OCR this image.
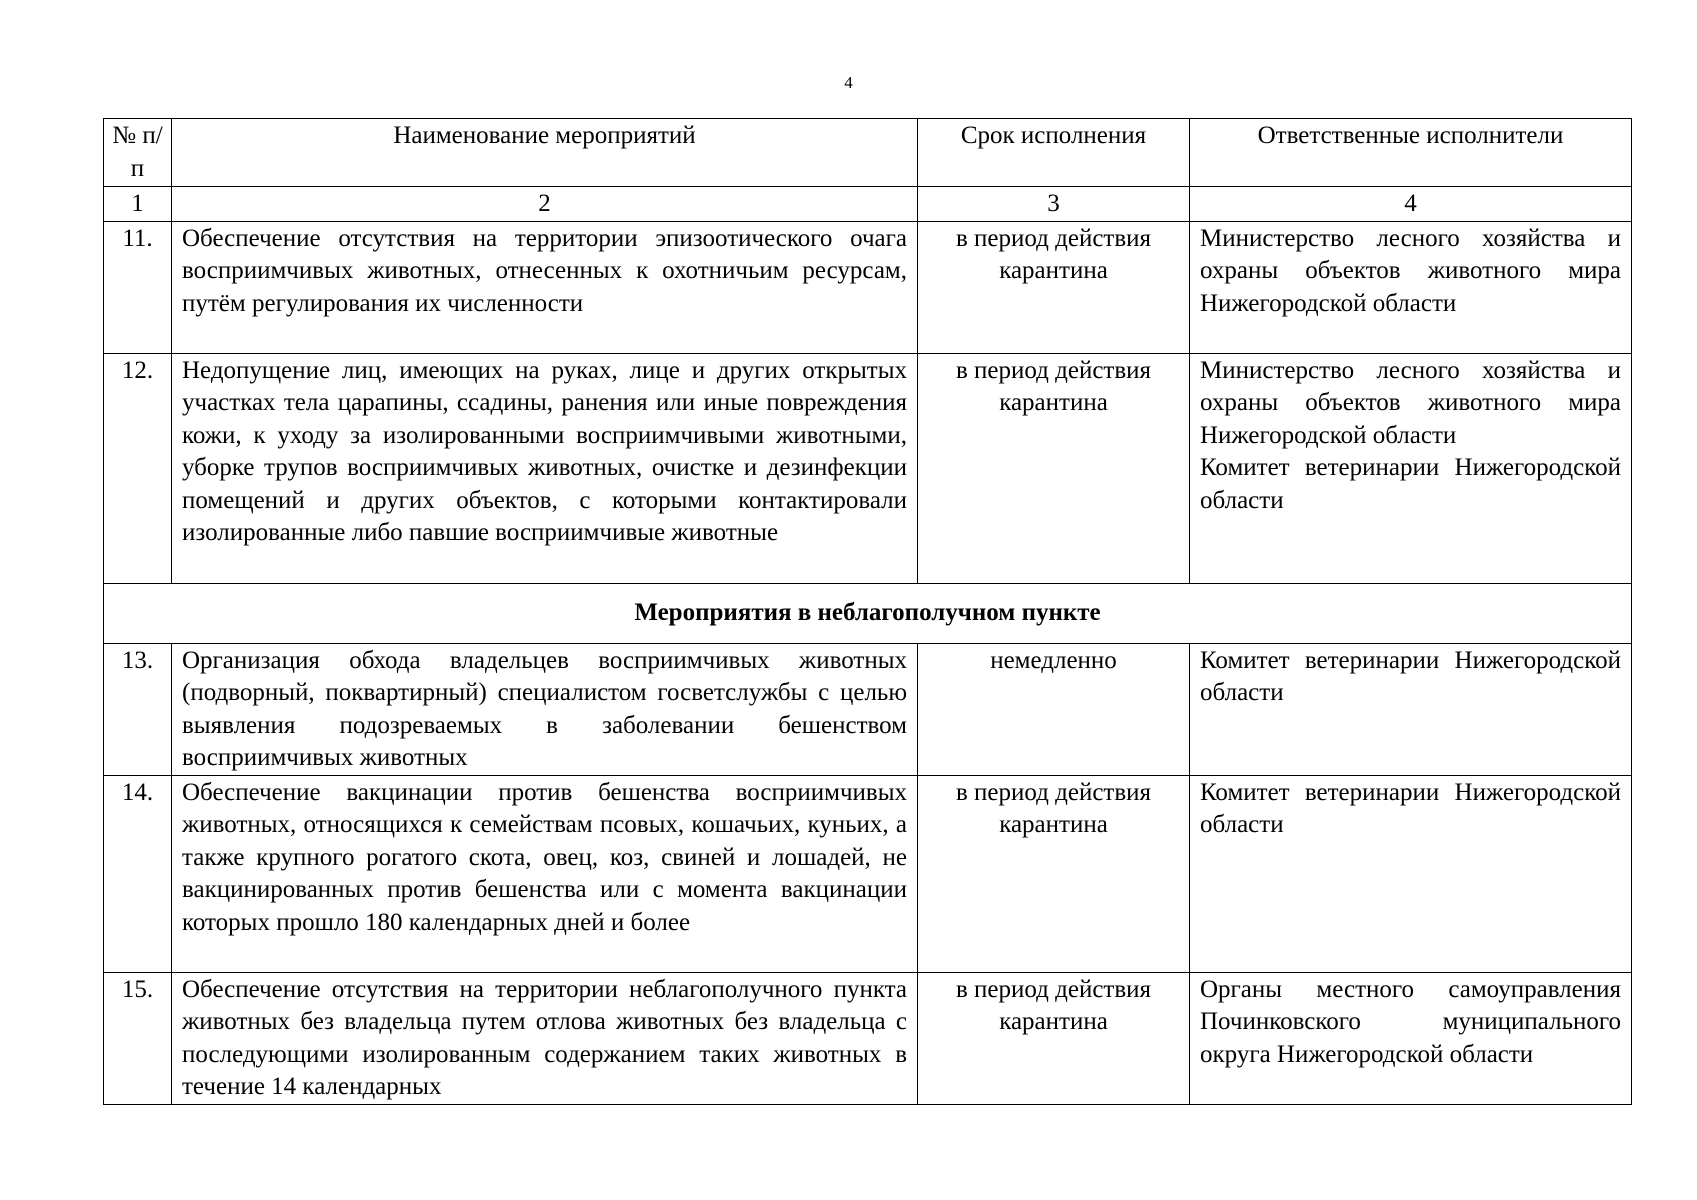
4
№ п/п	Наименование мероприятий	Срок исполнения	Ответственные исполнители
1	2	3	4
11.	Обеспечение отсутствия на территории эпизоотического очага восприимчивых животных, отнесенных к охотничьим ресурсам, путём регулирования их численности	в период действия карантина	Министерство лесного хозяйства и охраны объектов животного мира Нижегородской области

12.	Недопущение лиц, имеющих на руках, лице и других открытых участках тела царапины, ссадины, ранения или иные повреждения кожи, к уходу за изолированными восприимчивыми животными, уборке трупов восприимчивых животных, очистке и дезинфекции помещений и других объектов, с которыми контактировали изолированные либо павшие восприимчивые животные	в период действия карантина	Министерство лесного хозяйства и охраны объектов животного мира Нижегородской области
Комитет ветеринарии Нижегородской области

Мероприятия в неблагополучном пункте			
13.	Организация обхода владельцев восприимчивых животных (подворный, поквартирный) специалистом госветслужбы с целью выявления подозреваемых в заболевании бешенством восприимчивых животных	немедленно	Комитет ветеринарии Нижегородской области

14.	Обеспечение вакцинации против бешенства восприимчивых животных, относящихся к семействам псовых, кошачьих, куньих, а также крупного рогатого скота, овец, коз, свиней и лошадей, не вакцинированных против бешенства или с момента вакцинации которых прошло 180 календарных дней и более	в период действия карантина	Комитет ветеринарии Нижегородской области

15.	Обеспечение отсутствия на территории неблагополучного пункта животных без владельца путем отлова животных без владельца с последующими изолированным содержанием таких животных в течение 14 календарных	в период действия карантина	Органы местного самоуправления Починковского муниципального округа Нижегородской области
